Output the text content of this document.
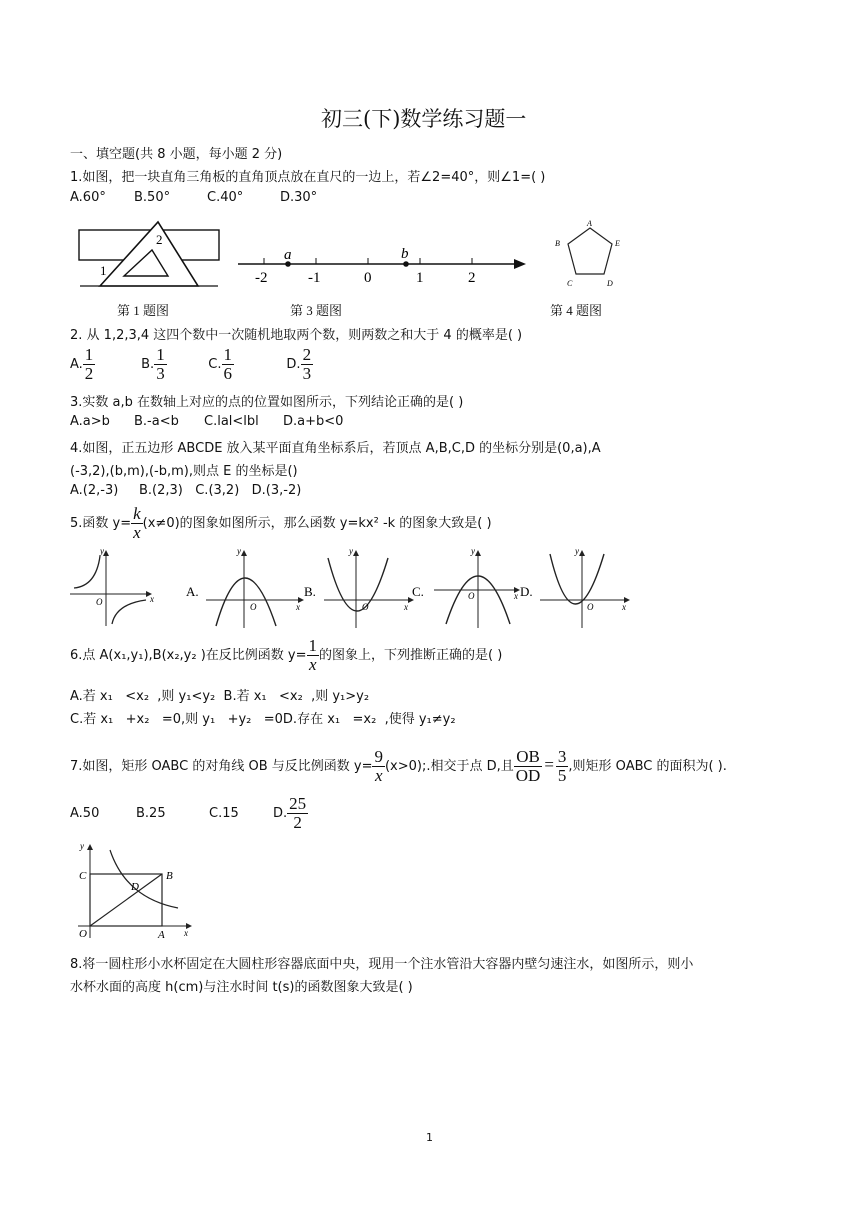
初三(下)数学练习题一
一、填空题(共 8 小题，每小题 2 分)
1.如图，把一块直角三角板的直角顶点放在直尺的一边上，若∠2=40°，则∠1=( )
A.60° B.50°	C.40°	D.30°
1
2
a	b
-2	-1	0	1	2
A
B
C	D
E
第 1 题图	第 3 题图	第 4 题图
2. 从 1,2,3,4 这四个数中一次随机地取两个数，则两数之和大于 4 的概率是( )
A. $\frac{1}{2}$	B. $\frac{1}{3}$	C. $\frac{1}{6}$	D. $\frac{2}{3}$
3.实数 a,b 在数轴上对应的点的位置如图所示，下列结论正确的是( )
A.a>b B.-a<b C.lal<lbl D.a+b<0
4.如图，正五边形 ABCDE 放入某平面直角坐标系后，若顶点 A,B,C,D 的坐标分别是(0,a),A
(-3,2),(b,m),(-b,m),则点 E 的坐标是()
A.(2,-3)     B.(2,3)   C.(3,2)   D.(3,-2)
5.函数 $y= \frac{k}{x} (x\ne 0)$的图象如图所示，那么函数 y=kx² -k 的图象大致是( )
y
x
O
A.
y
x
O
B.
y
x
O
C.
y
x
O	D.
y
x
O
6.点 A(x₁,y₁),B(x₂,y₂ )在反比例函数 $y= \frac{1}{x}$ 的图象上，下列推断正确的是( )
A.若 x₁   <x₂  ,则 y₁<y₂  B.若 x₁   <x₂  ,则 y₁>y₂
C.若 x₁   +x₂   =0,则 y₁   +y₂   =0D.存在 x₁   =x₂  ,使得 y₁≠y₂
7.如图，矩形 OABC 的对角线 OB 与反比例函数 $y= \frac{9}{x} (x>0)$;.相交于点 D,且 $\frac{OB}{OD} = \frac{3}{5}$ ,则矩形 OABC 的面积为( ).
A.50	B.25	C.15	D. $\frac{25}{2}$
y
x
O	A
B
C
D
8.将一圆柱形小水杯固定在大圆柱形容器底面中央，现用一个注水管沿大容器内壁匀速注水，如图所示，则小
水杯水面的高度 h(cm)与注水时间 t(s)的函数图象大致是( )
1
